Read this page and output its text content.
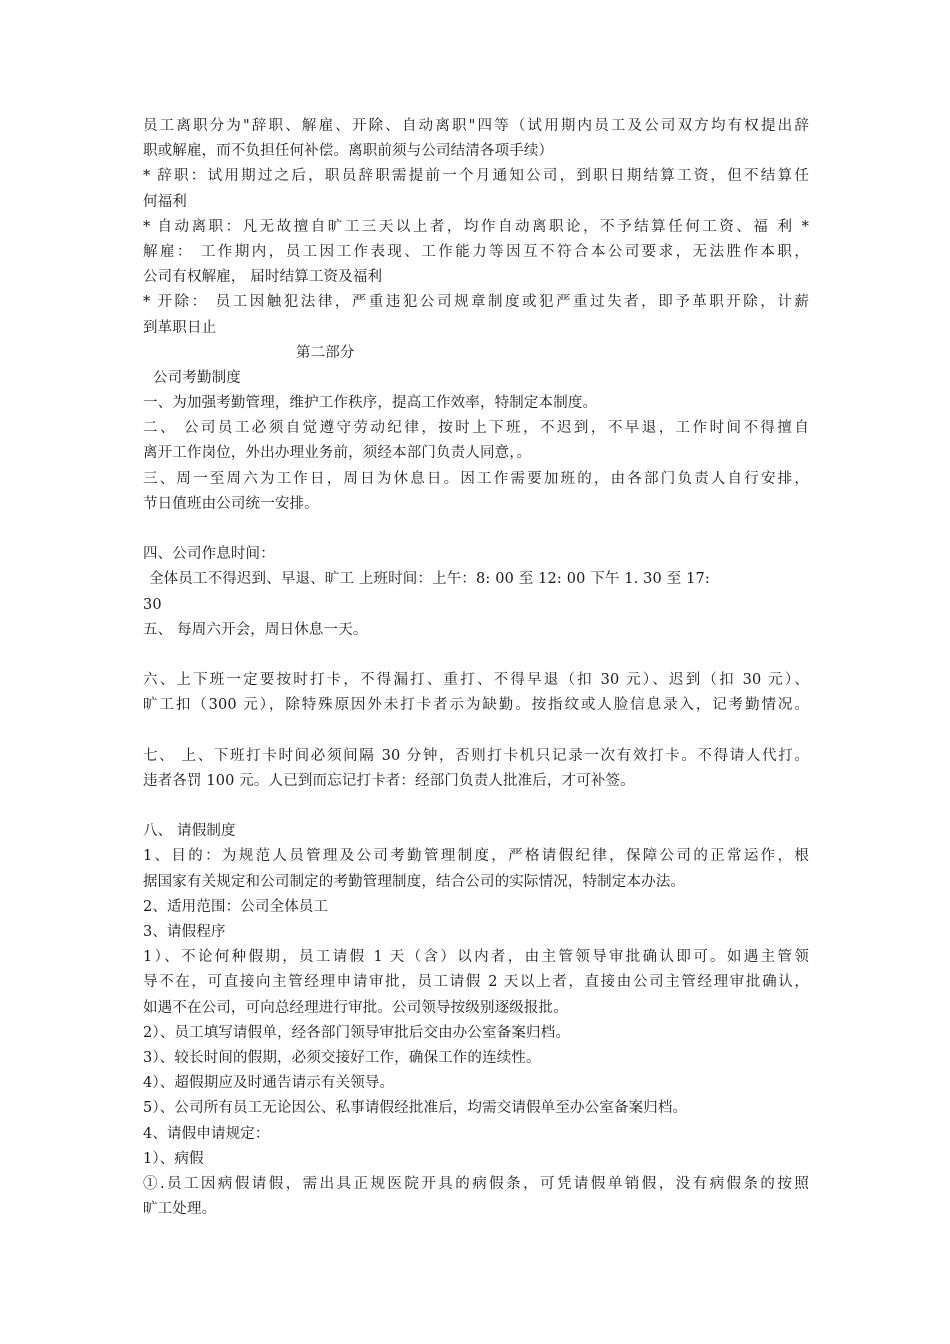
员工离职分为"辞职、解雇、开除、自动离职"四等（试用期内员工及公司双方均有权提出辞
职或解雇，而不负担任何补偿。离职前须与公司结清各项手续）
* 辞职：试用期过之后，职员辞职需提前一个月通知公司，到职日期结算工资，但不结算任
何福利
* 自动离职：凡无故擅自旷工三天以上者，均作自动离职论，不予结算任何工资、福 利 *
解雇： 工作期内，员工因工作表现、工作能力等因互不符合本公司要求，无法胜作本职，
公司有权解雇， 届时结算工资及福利
* 开除： 员工因触犯法律，严重违犯公司规章制度或犯严重过失者，即予革职开除，计薪
到革职日止
第二部分
公司考勤制度
一、为加强考勤管理，维护工作秩序，提高工作效率，特制定本制度。
二、 公司员工必须自觉遵守劳动纪律，按时上下班，不迟到，不早退，工作时间不得擅自
离开工作岗位，外出办理业务前，须经本部门负责人同意，。
三、周一至周六为工作日，周日为休息日。因工作需要加班的，由各部门负责人自行安排，
节日值班由公司统一安排。
四、公司作息时间：
全体员工不得迟到、早退、旷工 上班时间：上午：8: 00 至 12: 00 下午 1. 30 至 17:
30
五、 每周六开会，周日休息一天。
六、上下班一定要按时打卡，不得漏打、重打、不得早退（扣 30 元）、迟到（扣 30 元）、
旷工扣（300 元），除特殊原因外未打卡者示为缺勤。按指纹或人脸信息录入，记考勤情况。
七、 上、下班打卡时间必须间隔 30 分钟，否则打卡机只记录一次有效打卡。不得请人代打。
违者各罚 100 元。人已到而忘记打卡者：经部门负责人批准后，才可补签。
八、 请假制度
1、目的：为规范人员管理及公司考勤管理制度，严格请假纪律，保障公司的正常运作，根
据国家有关规定和公司制定的考勤管理制度，结合公司的实际情况，特制定本办法。
2、适用范围：公司全体员工
3、请假程序
1）、不论何种假期，员工请假 1 天（含）以内者，由主管领导审批确认即可。如遇主管领
导不在，可直接向主管经理申请审批，员工请假 2 天以上者，直接由公司主管经理审批确认，
如遇不在公司，可向总经理进行审批。公司领导按级别逐级报批。
2）、员工填写请假单，经各部门领导审批后交由办公室备案归档。
3）、较长时间的假期，必须交接好工作，确保工作的连续性。
4）、超假期应及时通告请示有关领导。
5）、公司所有员工无论因公、私事请假经批准后，均需交请假单至办公室备案归档。
4、请假申请规定：
1）、病假
①.员工因病假请假，需出具正规医院开具的病假条，可凭请假单销假，没有病假条的按照
旷工处理。
